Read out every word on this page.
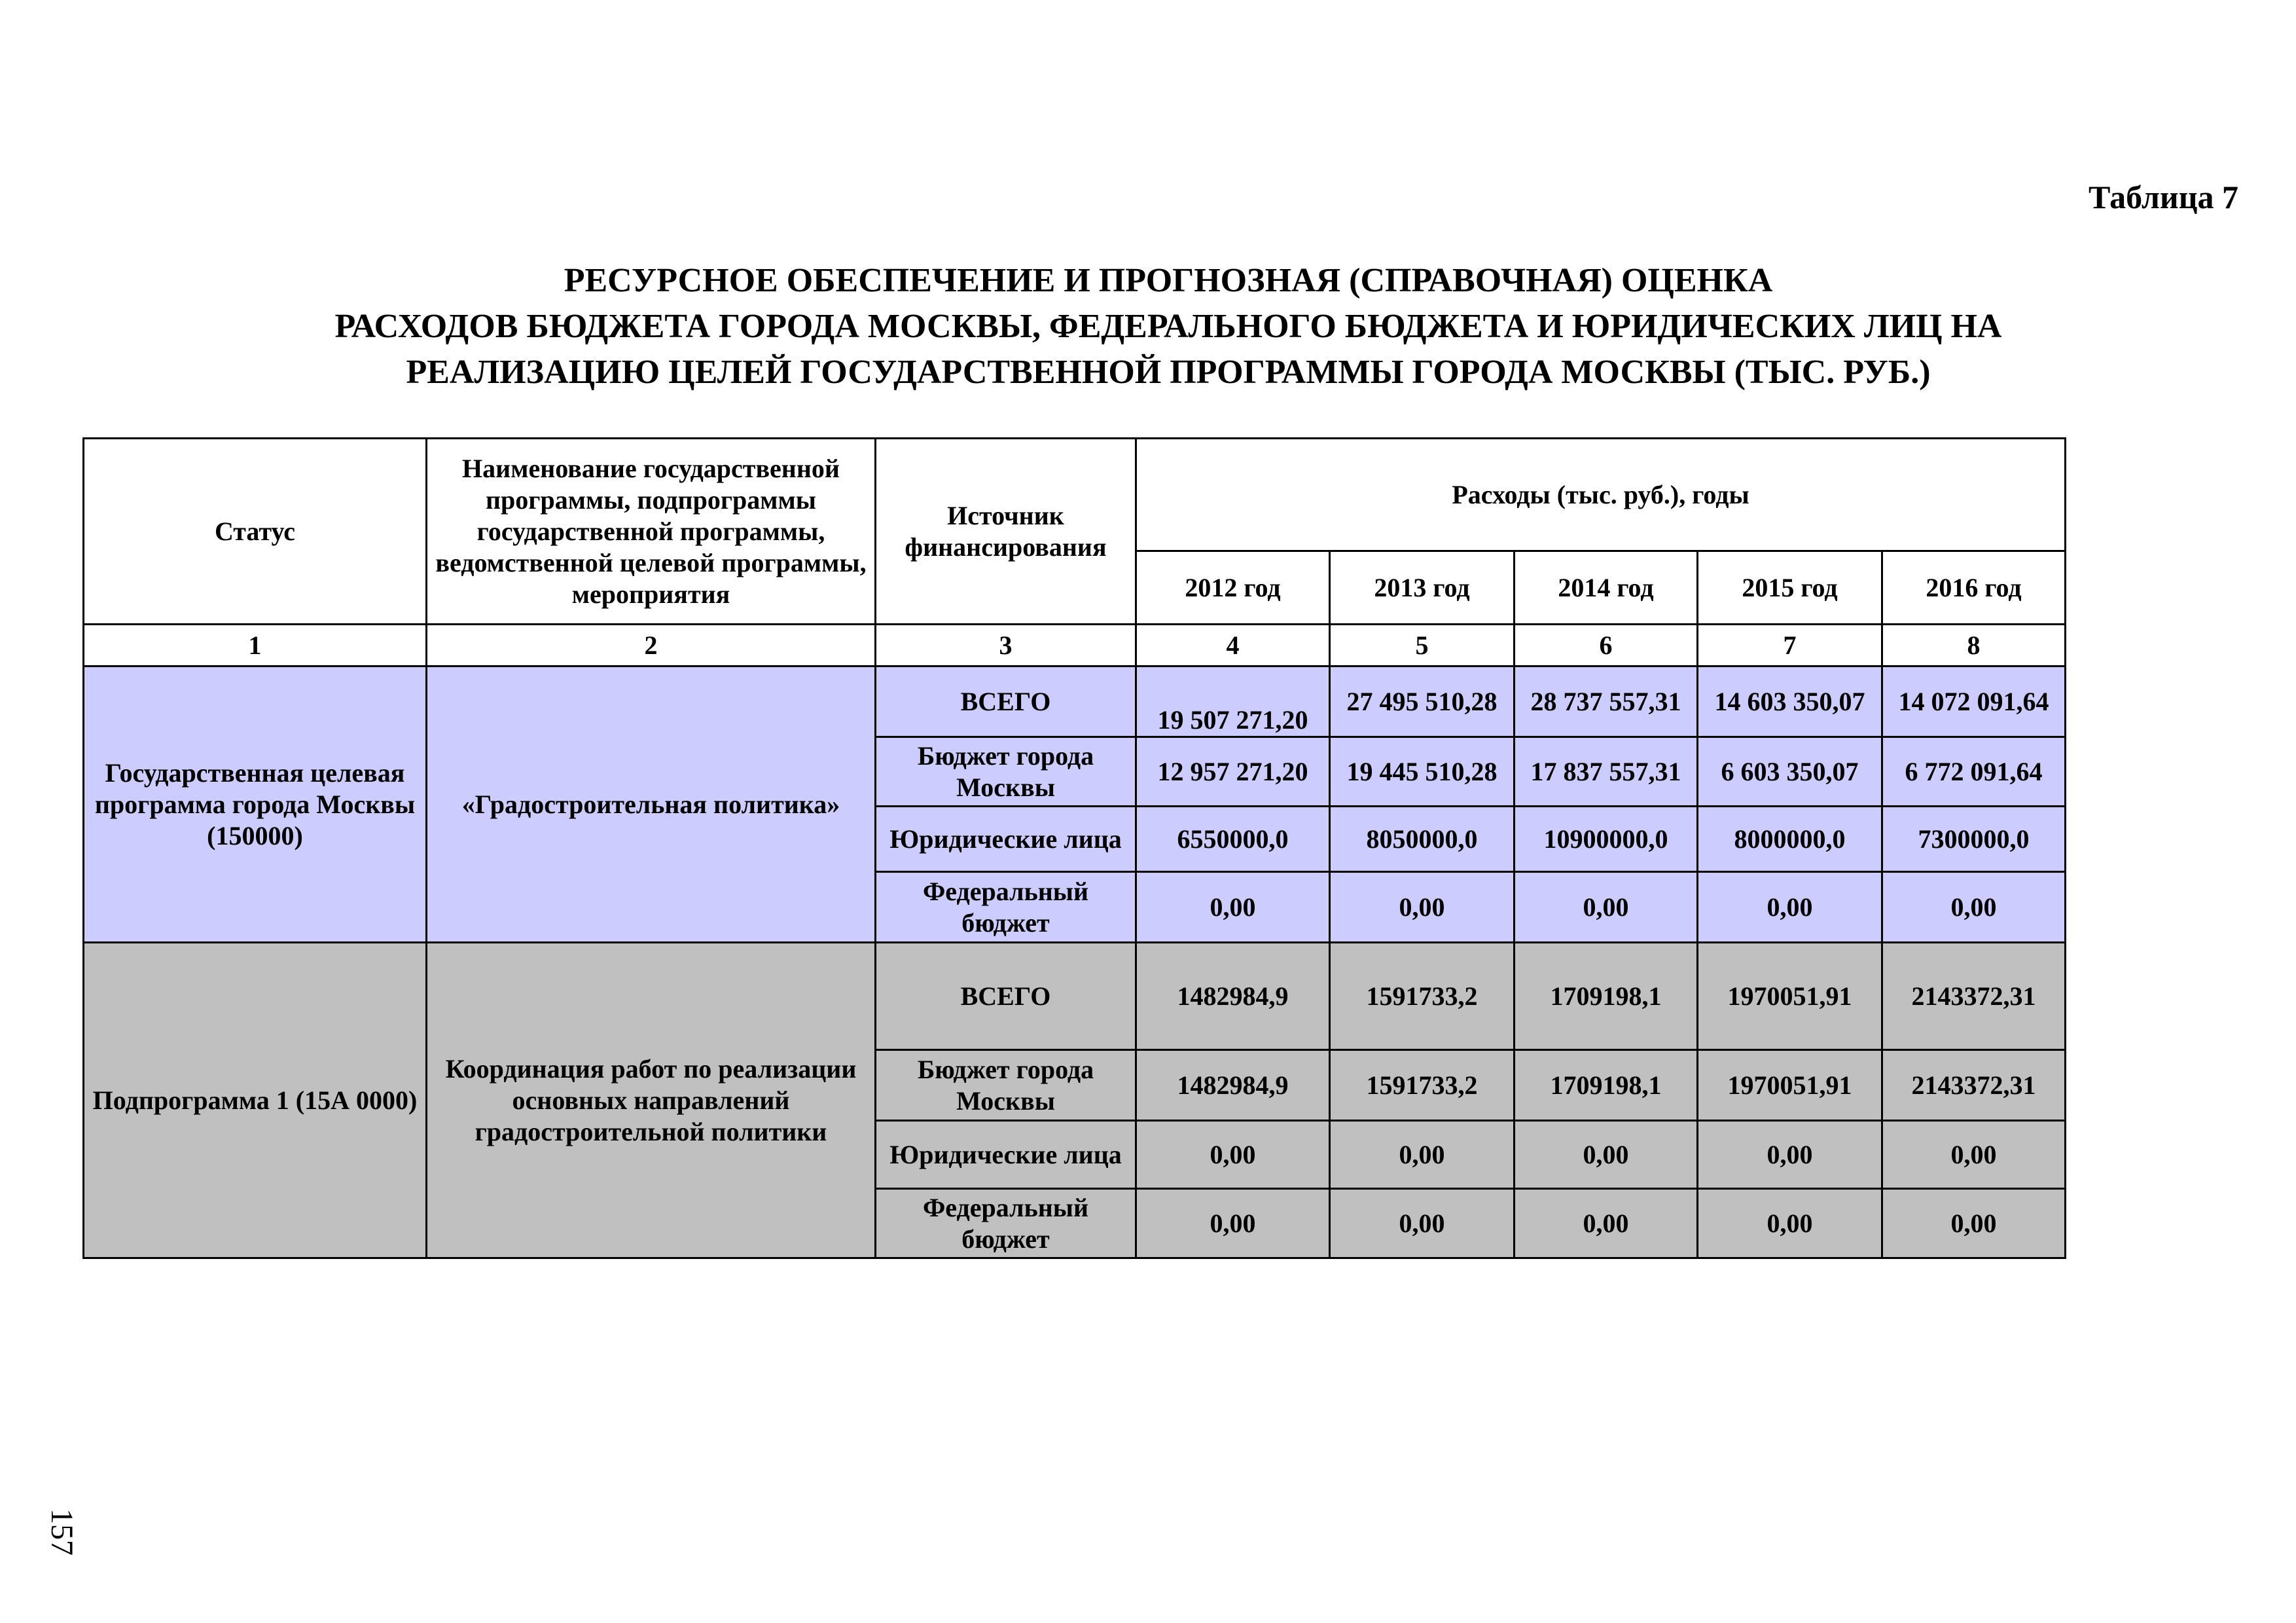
Таблица 7
РЕСУРСНОЕ ОБЕСПЕЧЕНИЕ И ПРОГНОЗНАЯ (СПРАВОЧНАЯ) ОЦЕНКА
РАСХОДОВ БЮДЖЕТА ГОРОДА МОСКВЫ, ФЕДЕРАЛЬНОГО БЮДЖЕТА И ЮРИДИЧЕСКИХ ЛИЦ НА
РЕАЛИЗАЦИЮ ЦЕЛЕЙ ГОСУДАРСТВЕННОЙ ПРОГРАММЫ ГОРОДА МОСКВЫ (ТЫС. РУБ.)
Статус	Наименование государственной программы, подпрограммы государственной программы, ведомственной целевой программы, мероприятия	Источник финансирования	Расходы (тыс. руб.), годы				
			2012 год	2013 год	2014 год	2015 год	2016 год
1	2	3	4	5	6	7	8
Государственная целевая программа города Москвы (150000)	«Градостроительная политика»	ВСЕГО	19 507 271,20	27 495 510,28	28 737 557,31	14 603 350,07	14 072 091,64
		Бюджет города Москвы	12 957 271,20	19 445 510,28	17 837 557,31	6 603 350,07	6 772 091,64
		Юридические лица	6550000,0	8050000,0	10900000,0	8000000,0	7300000,0
		Федеральный бюджет	0,00	0,00	0,00	0,00	0,00
Подпрограмма 1 (15А 0000)	Координация работ по реализации основных направлений градостроительной политики	ВСЕГО	1482984,9	1591733,2	1709198,1	1970051,91	2143372,31
		Бюджет города Москвы	1482984,9	1591733,2	1709198,1	1970051,91	2143372,31
		Юридические лица	0,00	0,00	0,00	0,00	0,00
		Федеральный бюджет	0,00	0,00	0,00	0,00	0,00
157
